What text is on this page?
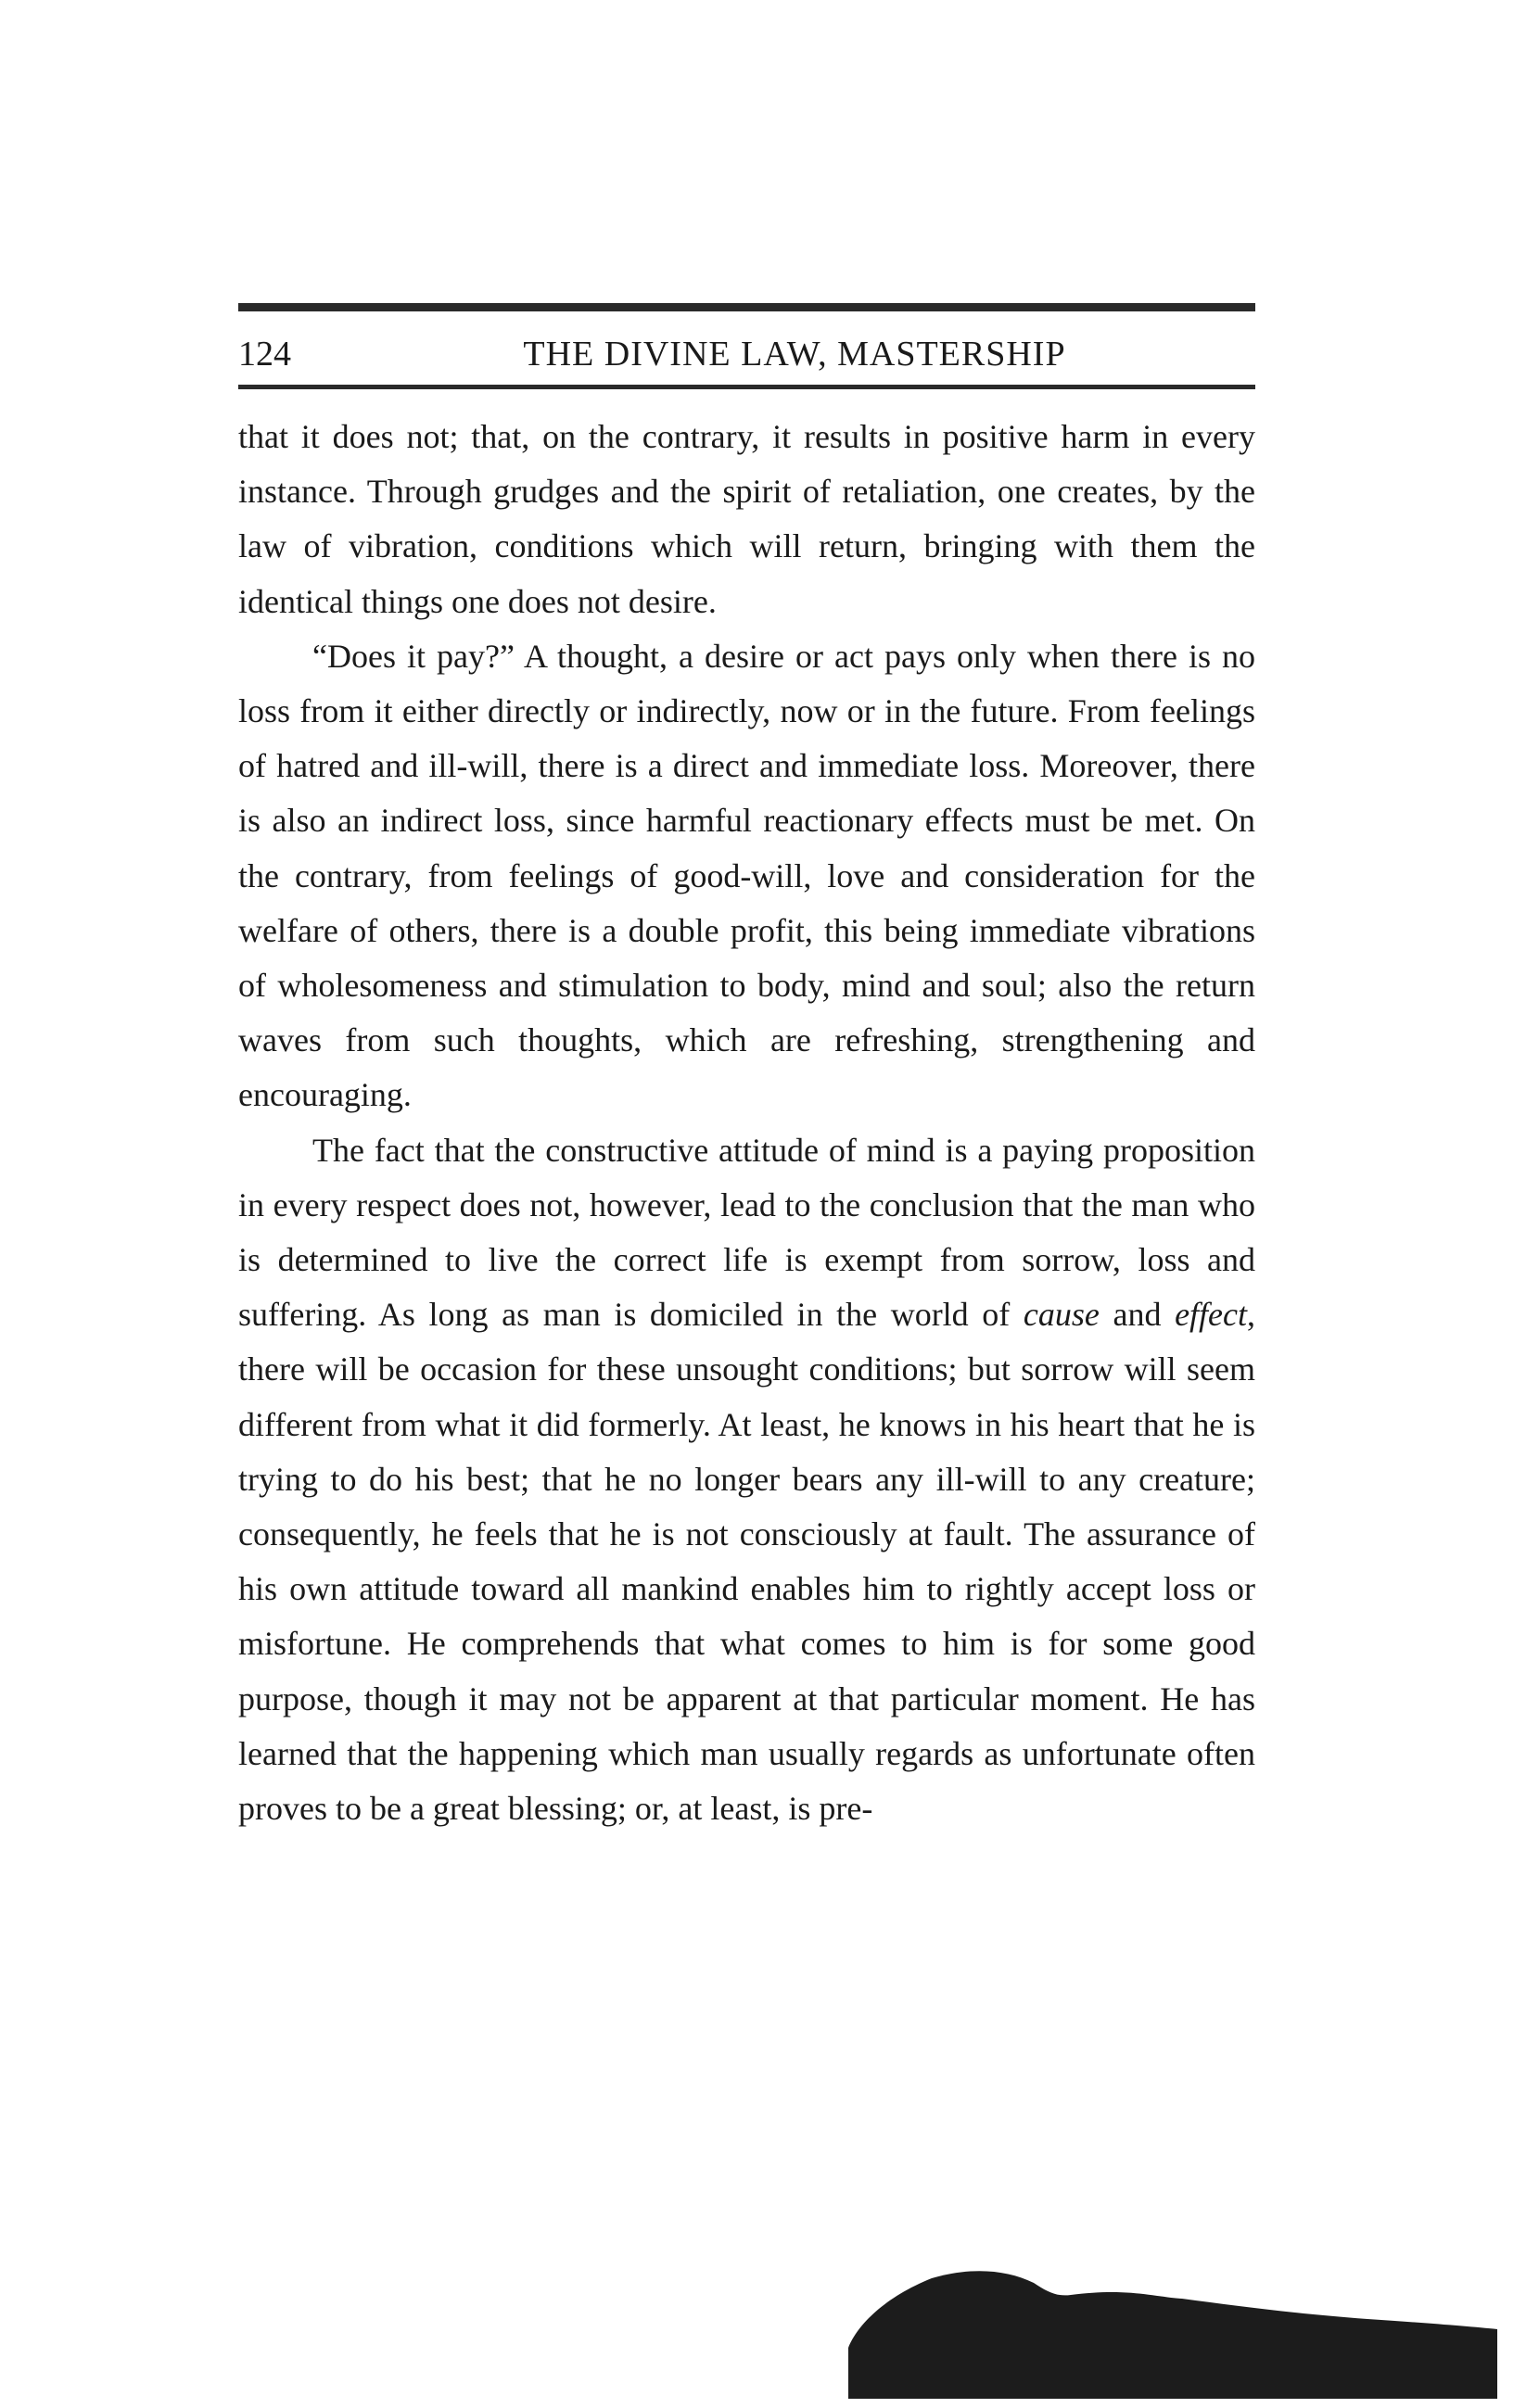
124	THE DIVINE LAW, MASTERSHIP

that it does not; that, on the contrary, it results in positive harm in every instance. Through grudges and the spirit of retaliation, one creates, by the law of vibration, conditions which will return, bringing with them the identical things one does not desire.

“Does it pay?” A thought, a desire or act pays only when there is no loss from it either directly or indirectly, now or in the future. From feelings of hatred and ill-will, there is a direct and immediate loss. Moreover, there is also an indirect loss, since harmful reactionary effects must be met. On the contrary, from feelings of good-will, love and consideration for the welfare of others, there is a double profit, this being immediate vibrations of wholesomeness and stimulation to body, mind and soul; also the return waves from such thoughts, which are refreshing, strengthening and encouraging.

The fact that the constructive attitude of mind is a paying proposition in every respect does not, however, lead to the conclusion that the man who is determined to live the correct life is exempt from sorrow, loss and suffering. As long as man is domiciled in the world of cause and effect, there will be occasion for these unsought conditions; but sorrow will seem different from what it did formerly. At least, he knows in his heart that he is trying to do his best; that he no longer bears any ill-will to any creature; consequently, he feels that he is not consciously at fault. The assurance of his own attitude toward all mankind enables him to rightly accept loss or misfortune. He comprehends that what comes to him is for some good purpose, though it may not be apparent at that particular moment. He has learned that the happening which man usually regards as unfortunate often proves to be a great blessing; or, at least, is pre-
